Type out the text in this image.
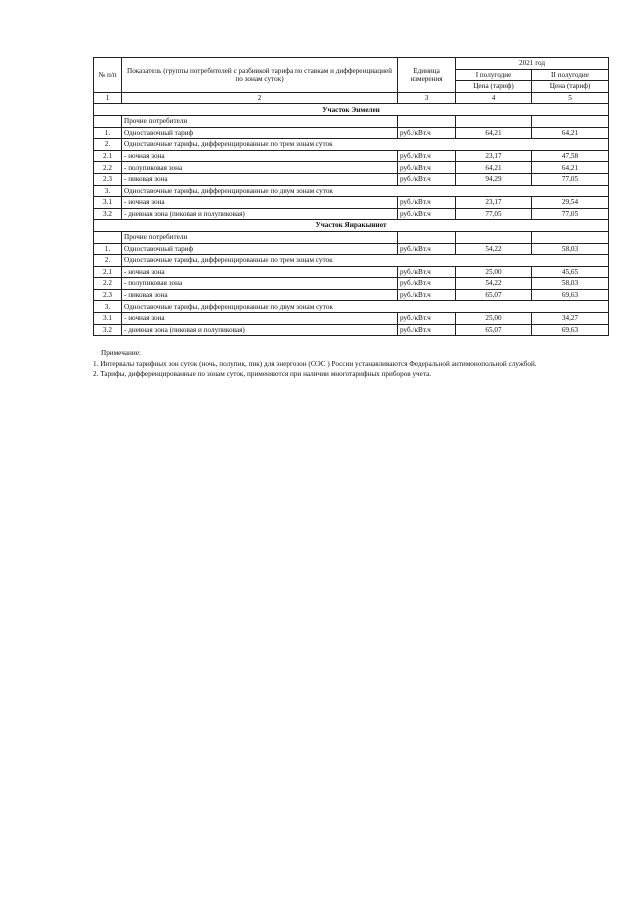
№ п/п	Показатель (группы потребителей с разбивкой тарифа по ставкам и дифференциацией по зонам суток)	Единица измерения	2021 год	
			I полугодие	II полугодие
			Цена (тариф)	Цена (тариф)
1	2	3	4	5
Участок Энмелен				
	Прочие потребители			
1.	Одноставочный тариф	руб./кВт.ч	64,21	64,21
2.	Одноставочные тарифы, дифференцированные по трем зонам суток			
2.1	- ночная зона	руб./кВт.ч	23,17	47,58
2.2	- полупиковая зона	руб./кВт.ч	64,21	64,21
2.3	- пиковая зона	руб./кВт.ч	94,29	77,05
3.	Одноставочные тарифы, дифференцированные по двум зонам суток			
3.1	- ночная зона	руб./кВт.ч	23,17	29,54
3.2	- дневная зона (пиковая и полупиковая)	руб./кВт.ч	77,05	77,05
Участок Янракыннот				
	Прочие потребители			
1.	Одноставочный тариф	руб./кВт.ч	54,22	58,03
2.	Одноставочные тарифы, дифференцированные по трем зонам суток			
2.1	- ночная зона	руб./кВт.ч	25,00	45,65
2.2	- полупиковая зона	руб./кВт.ч	54,22	58,03
2.3	- пиковая зона	руб./кВт.ч	65,07	69,63
3.	Одноставочные тарифы, дифференцированные по двум зонам суток			
3.1	- ночная зона	руб./кВт.ч	25,00	34,27
3.2	- дневная зона (пиковая и полупиковая)	руб./кВт.ч	65,07	69,63

Примечание:

1. Интервалы тарифных зон суток (ночь, полупик, пик) для энергозон (ОЭС ) России устанавливаются Федеральной антимонопольной службой.

2. Тарифы, дифференцированные по зонам суток, применяются при наличии многотарифных приборов учета.
